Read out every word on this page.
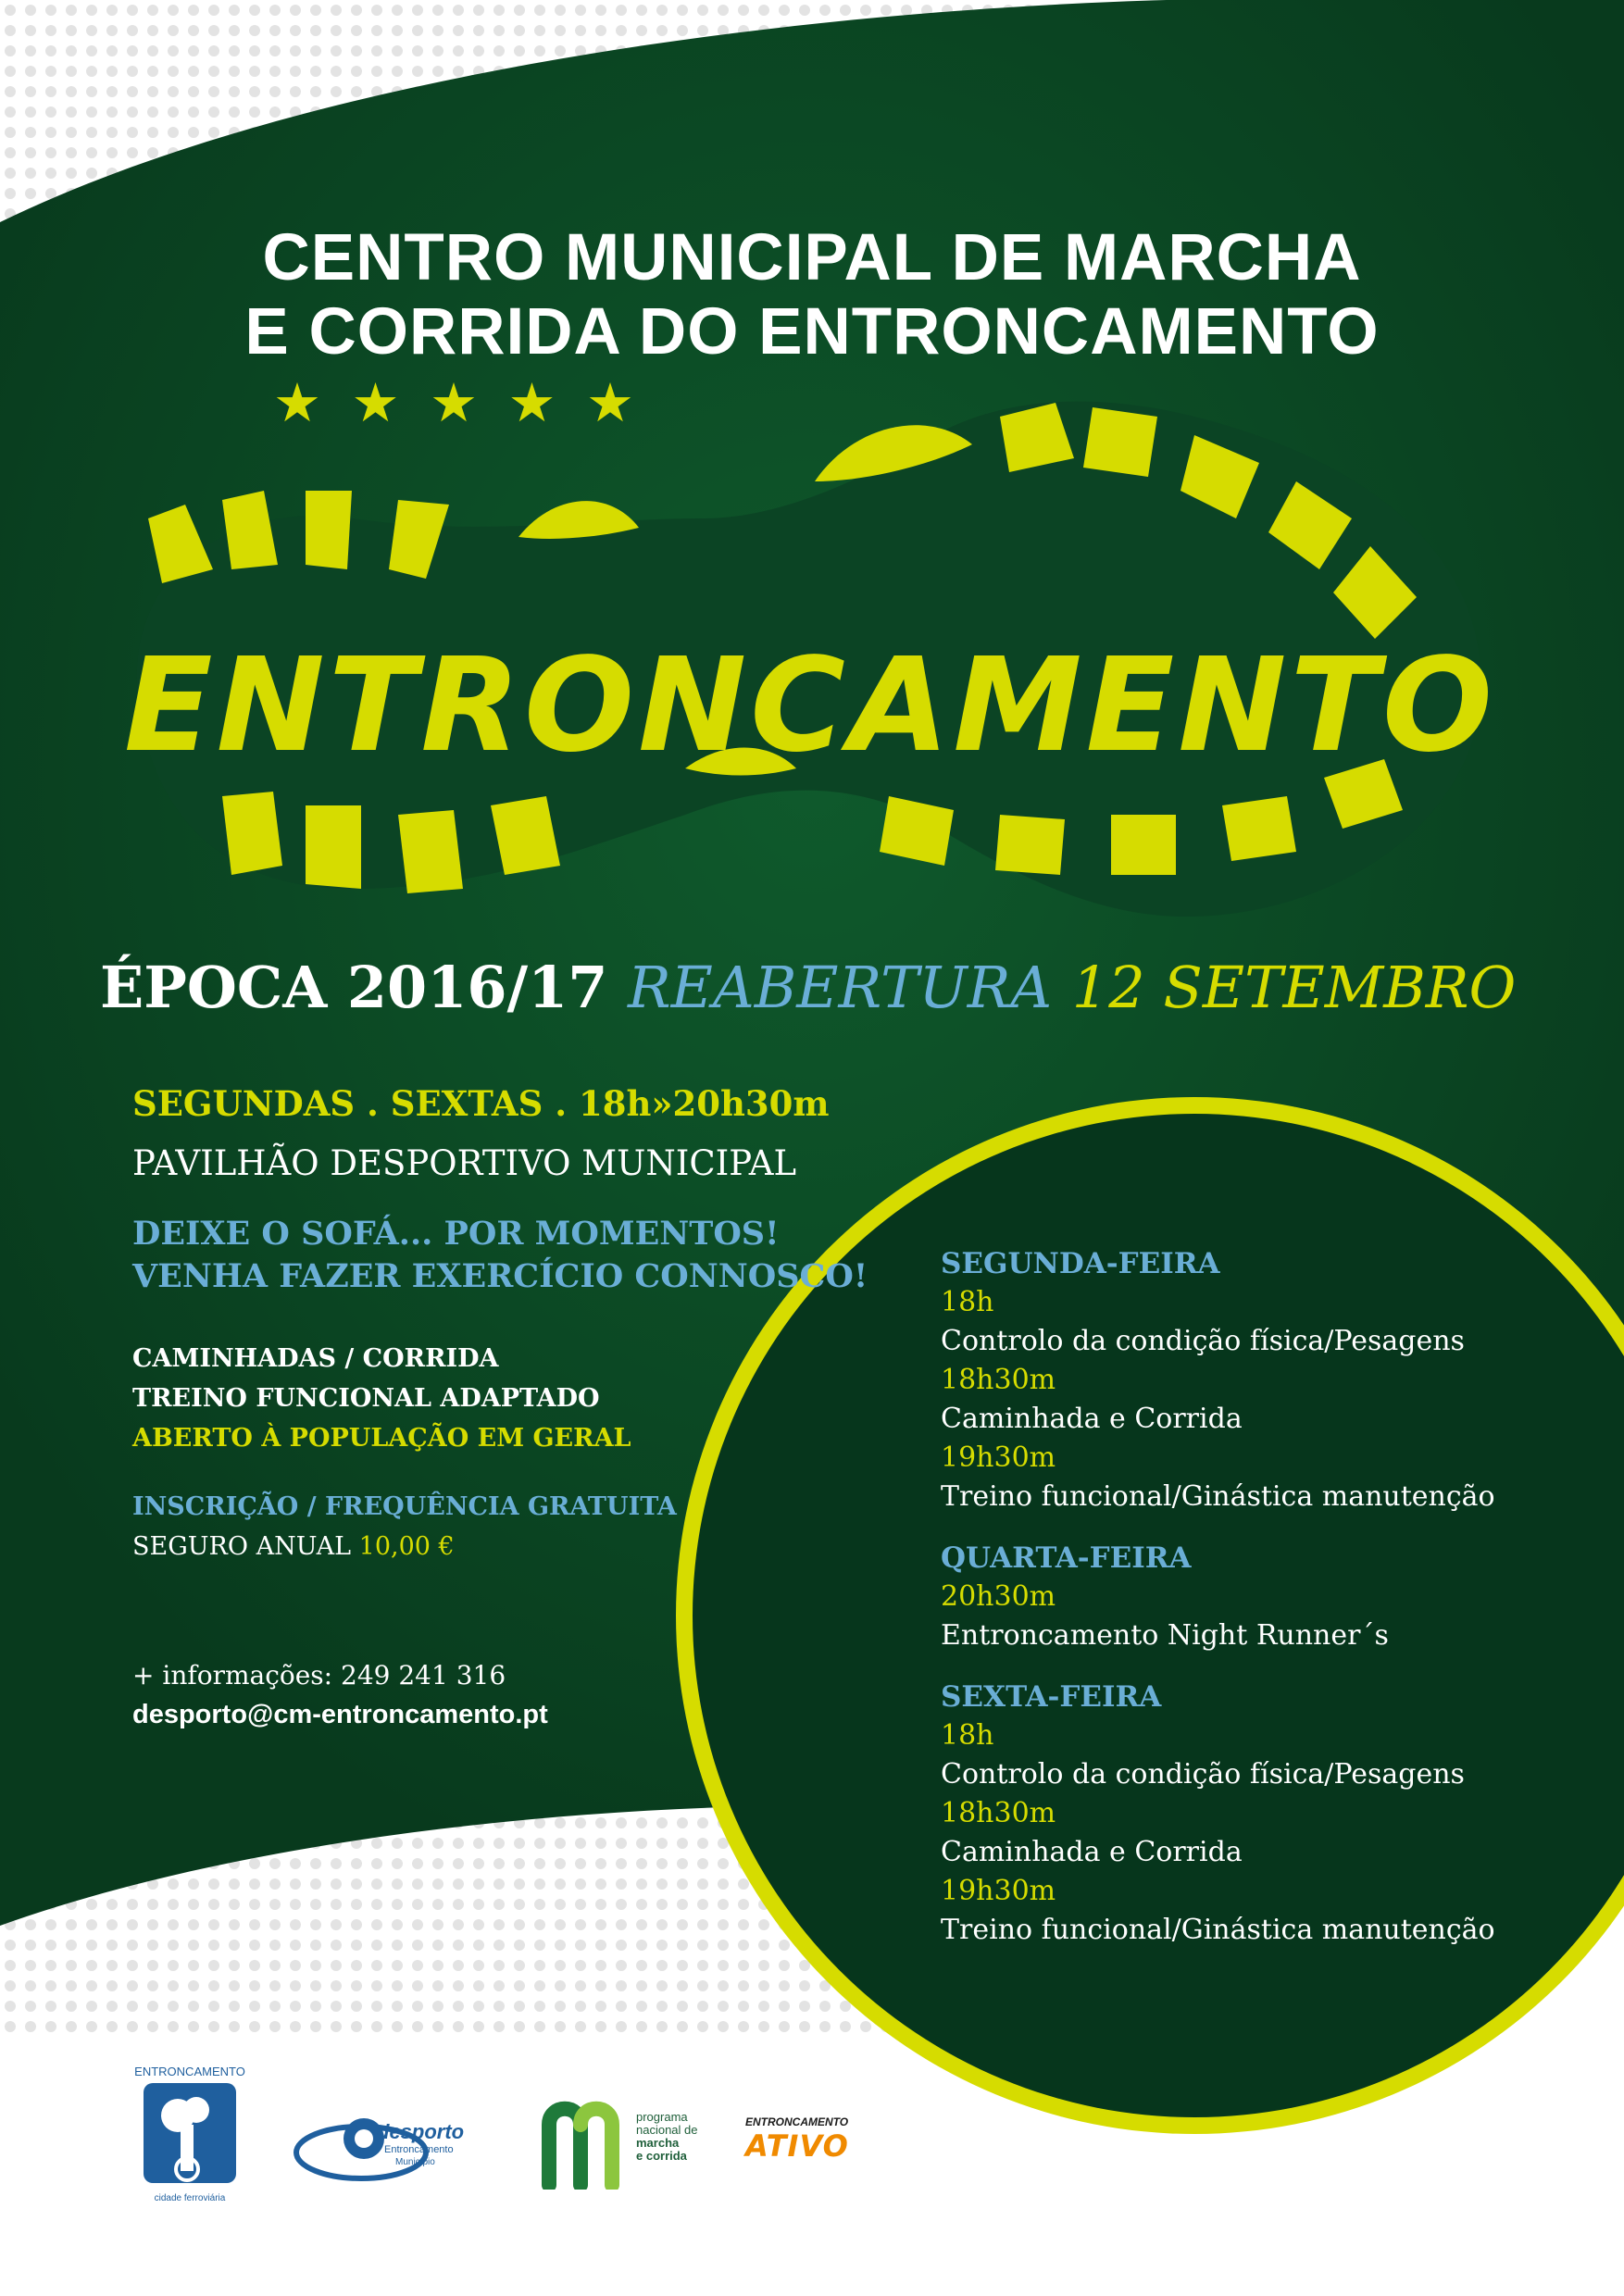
ENTRONCAMENTO
CENTRO MUNICIPAL DE MARCHA
E CORRIDA DO ENTRONCAMENTO
★ ★ ★ ★ ★
ÉPOCA 2016/17 REABERTURA 12 SETEMBRO
SEGUNDAS . SEXTAS . 18h»20h30m
PAVILHÃO DESPORTIVO MUNICIPAL
DEIXE O SOFÁ... POR MOMENTOS!
VENHA FAZER EXERCÍCIO CONNOSCO!
CAMINHADAS / CORRIDA
TREINO FUNCIONAL ADAPTADO
ABERTO À POPULAÇÃO EM GERAL
INSCRIÇÃO / FREQUÊNCIA GRATUITA
SEGURO ANUAL 10,00 €
+ informações: 249 241 316
desporto@cm-entroncamento.pt
SEGUNDA-FEIRA
18h
Controlo da condição física/Pesagens
18h30m
Caminhada e Corrida
19h30m
Treino funcional/Ginástica manutenção
QUARTA-FEIRA
20h30m
Entroncamento Night Runner´s
SEXTA-FEIRA
18h
Controlo da condição física/Pesagens
18h30m
Caminhada e Corrida
19h30m
Treino funcional/Ginástica manutenção
ENTRONCAMENTO
cidade ferroviária
desporto
Entroncamento
Município
programa
nacional de
marcha
e corrida
ENTRONCAMENTO
ATIVO
